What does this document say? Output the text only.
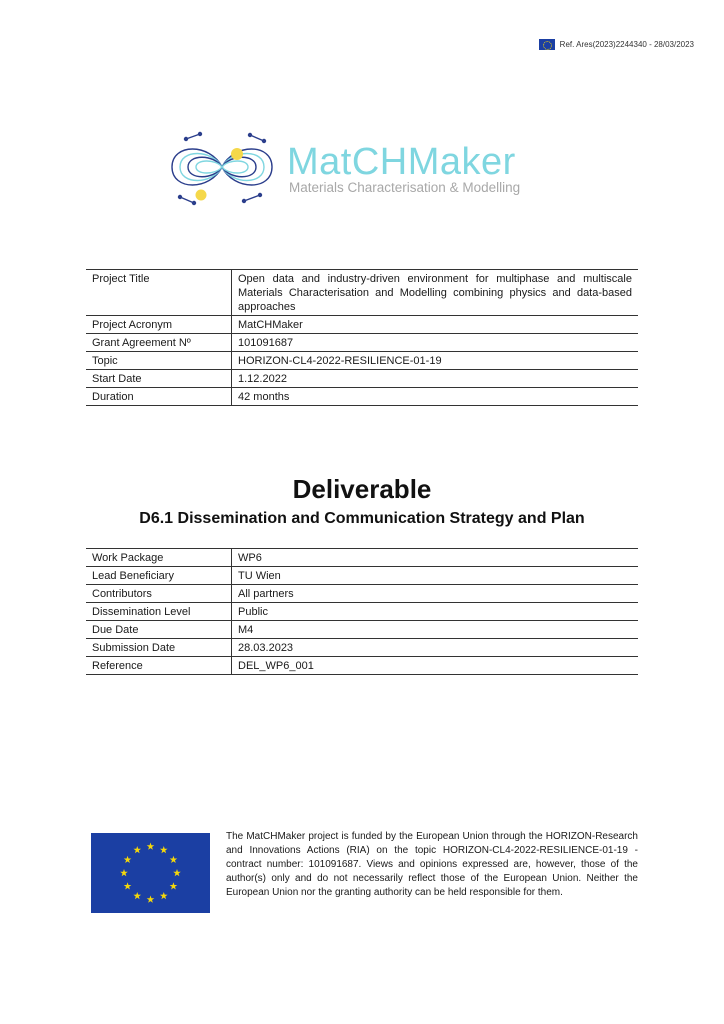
Ref. Ares(2023)2244340 - 28/03/2023
MatCHMaker
Materials Characterisation & Modelling
Project Title	Open data and industry-driven environment for multiphase and multiscale Materials Characterisation and Modelling combining physics and data-based approaches
Project Acronym	MatCHMaker
Grant Agreement Nº	101091687
Topic	HORIZON-CL4-2022-RESILIENCE-01-19
Start Date	1.12.2022
Duration	42 months
Deliverable
D6.1 Dissemination and Communication Strategy and Plan
Work Package	WP6
Lead Beneficiary	TU Wien
Contributors	All partners
Dissemination Level	Public
Due Date	M4
Submission Date	28.03.2023
Reference	DEL_WP6_001
The MatCHMaker project is funded by the European Union through the HORIZON-Research and Innovations Actions (RIA) on the topic HORIZON-CL4-2022-RESILIENCE-01-19 - contract number: 101091687. Views and opinions expressed are, however, those of the author(s) only and do not necessarily reflect those of the European Union. Neither the European Union nor the granting authority can be held responsible for them.
